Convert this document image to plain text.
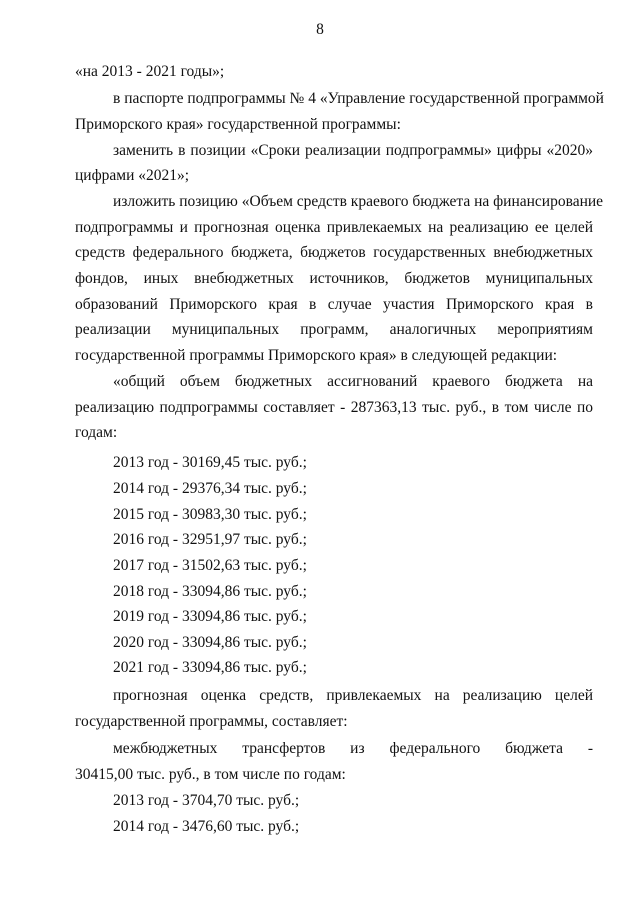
8
«на 2013 - 2021 годы»;
в паспорте подпрограммы № 4 «Управление государственной программой
Приморского края» государственной программы:
заменить в позиции «Сроки реализации подпрограммы» цифры «2020»
цифрами «2021»;
изложить позицию «Объем средств краевого бюджета на финансирование
подпрограммы и прогнозная оценка привлекаемых на реализацию ее целей
средств федерального бюджета, бюджетов государственных внебюджетных
фондов, иных внебюджетных источников, бюджетов муниципальных
образований Приморского края в случае участия Приморского края в
реализации муниципальных программ, аналогичных мероприятиям
государственной программы Приморского края» в следующей редакции:
«общий объем бюджетных ассигнований краевого бюджета на
реализацию подпрограммы составляет - 287363,13 тыс. руб., в том числе по
годам:
2013 год - 30169,45 тыс. руб.;
2014 год - 29376,34 тыс. руб.;
2015 год - 30983,30 тыс. руб.;
2016 год - 32951,97 тыс. руб.;
2017 год - 31502,63 тыс. руб.;
2018 год - 33094,86 тыс. руб.;
2019 год - 33094,86 тыс. руб.;
2020 год - 33094,86 тыс. руб.;
2021 год - 33094,86 тыс. руб.;
прогнозная оценка средств, привлекаемых на реализацию целей
государственной программы, составляет:
межбюджетных трансфертов из федерального бюджета -
30415,00 тыс. руб., в том числе по годам:
2013 год - 3704,70 тыс. руб.;
2014 год - 3476,60 тыс. руб.;
